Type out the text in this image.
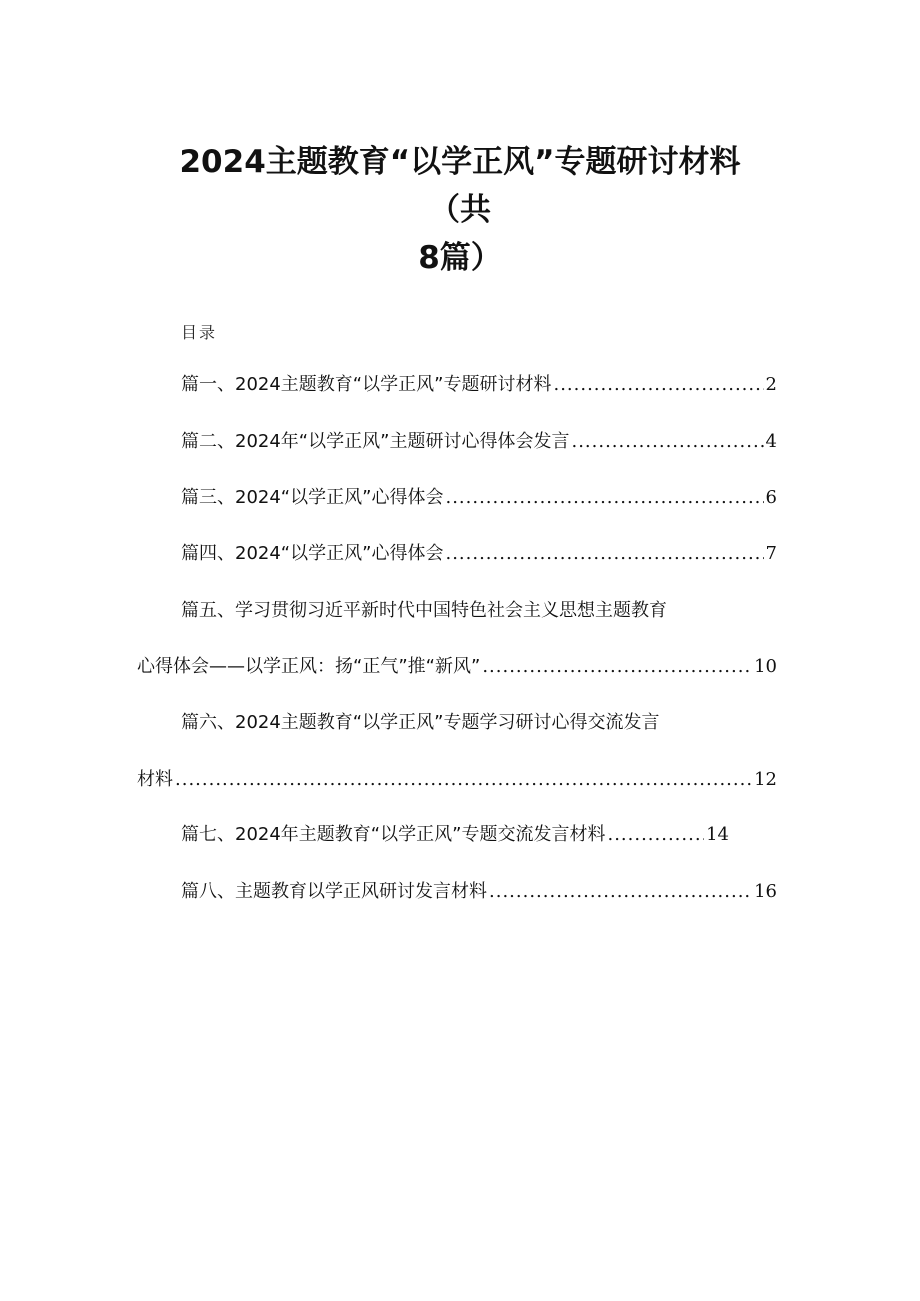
2024主题教育“以学正风”专题研讨材料
（共
8篇）
目录
篇一、2024主题教育“以学正风”专题研讨材料 .....	2
篇二、2024年“以学正风”主题研讨心得体会发言 .....	4
篇三、2024“以学正风”心得体会 .....	6
篇四、2024“以学正风”心得体会 .....	7
篇五、学习贯彻习近平新时代中国特色社会主义思想主题教育
心得体会——以学正风：扬“正气”推“新风” .....	10
篇六、2024主题教育“以学正风”专题学习研讨心得交流发言
材料 .....	12
篇七、2024年主题教育“以学正风”专题交流发言材料 .....	14
篇八、主题教育以学正风研讨发言材料 .....	16
